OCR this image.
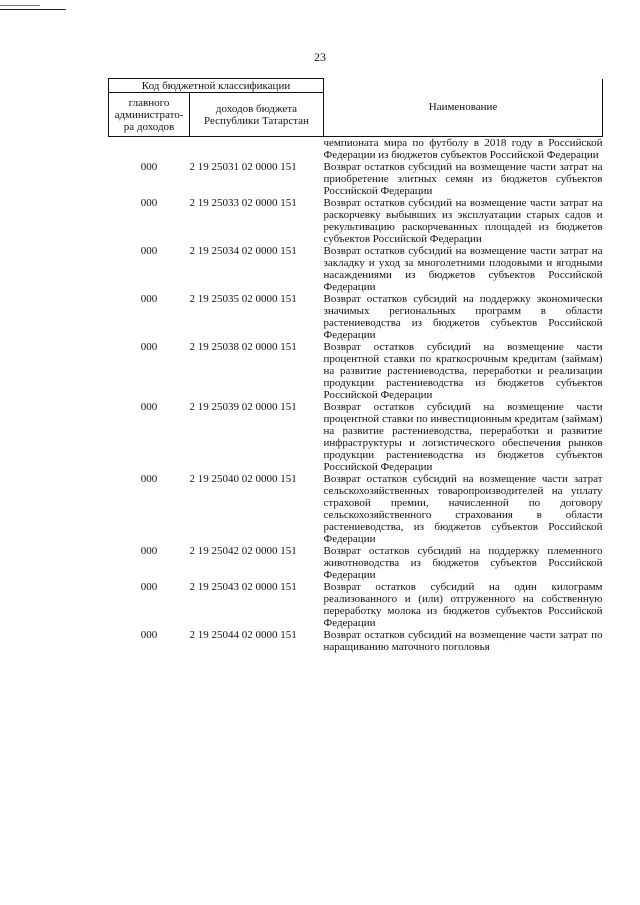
23
Код бюджетной классификации		Наименование
главного администрато-ра доходов	доходов бюджета Республики Татарстан	
		чемпионата мира по футболу в 2018 году в Российской Федерации из бюджетов субъектов Российской Федерации
000	2 19 25031 02 0000 151	Возврат остатков субсидий на возмещение части затрат на приобретение элитных семян из бюджетов субъектов Российской Федерации
000	2 19 25033 02 0000 151	Возврат остатков субсидий на возмещение части затрат на раскорчевку выбывших из эксплуатации старых садов и рекультивацию раскорчеванных площадей из бюджетов субъектов Российской Федерации
000	2 19 25034 02 0000 151	Возврат остатков субсидий на возмещение части затрат на закладку и уход за многолетними плодовыми и ягодными насаждениями из бюджетов субъектов Российской Федерации
000	2 19 25035 02 0000 151	Возврат остатков субсидий на поддержку экономически значимых региональных программ в области растениеводства из бюджетов субъектов Российской Федерации
000	2 19 25038 02 0000 151	Возврат остатков субсидий на возмещение части процентной ставки по краткосрочным кредитам (займам) на развитие растениеводства, переработки и реализации продукции растениеводства из бюджетов субъектов Российской Федерации
000	2 19 25039 02 0000 151	Возврат остатков субсидий на возмещение части процентной ставки по инвестиционным кредитам (займам) на развитие растениеводства, переработки и развитие инфраструктуры и логистического обеспечения рынков продукции растениеводства из бюджетов субъектов Российской Федерации
000	2 19 25040 02 0000 151	Возврат остатков субсидий на возмещение части затрат сельскохозяйственных товаропроизводителей на уплату страховой премии, начисленной по договору сельскохозяйственного страхования в области растениеводства, из бюджетов субъектов Российской Федерации
000	2 19 25042 02 0000 151	Возврат остатков субсидий на поддержку племенного животноводства из бюджетов субъектов Российской Федерации
000	2 19 25043 02 0000 151	Возврат остатков субсидий на один килограмм реализованного и (или) отгруженного на собственную переработку молока из бюджетов субъектов Российской Федерации
000	2 19 25044 02 0000 151	Возврат остатков субсидий на возмещение части затрат по наращиванию маточного поголовья
